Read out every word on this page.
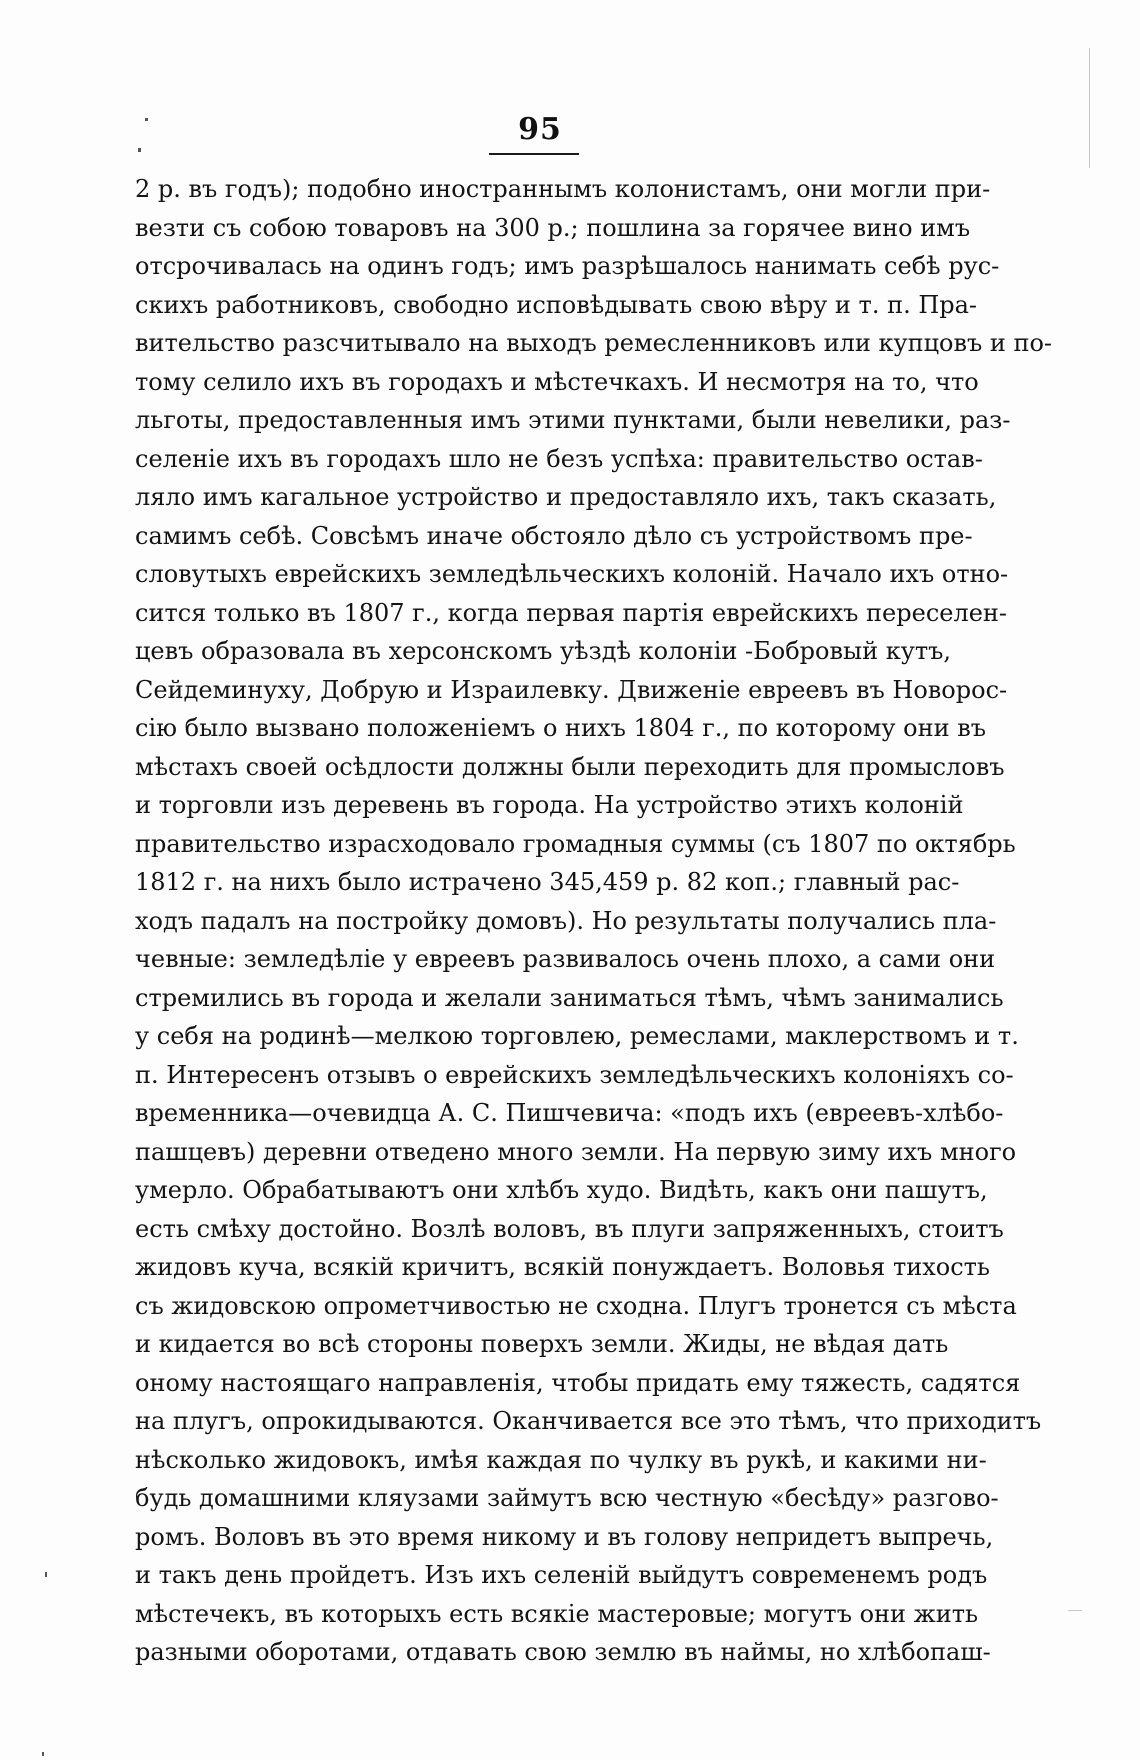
95
2 р. въ годъ); подобно иностраннымъ колонистамъ, они могли при-
везти съ собою товаровъ на 300 р.; пошлина за горячее вино имъ
отсрочивалась на одинъ годъ; имъ разрѣшалось нанимать себѣ рус-
скихъ работниковъ, свободно исповѣдывать свою вѣру и т. п. Пра-
вительство разсчитывало на выходъ ремесленниковъ или купцовъ и по-
тому селило ихъ въ городахъ и мѣстечкахъ. И несмотря на то, что
льготы, предоставленныя имъ этими пунктами, были невелики, раз-
селеніе ихъ въ городахъ шло не безъ успѣха: правительство остав-
ляло имъ кагальное устройство и предоставляло ихъ, такъ сказать,
самимъ себѣ. Совсѣмъ иначе обстояло дѣло съ устройствомъ пре-
словутыхъ еврейскихъ земледѣльческихъ колоній. Начало ихъ отно-
сится только въ 1807 г., когда первая партія еврейскихъ переселен-
цевъ образовала въ херсонскомъ уѣздѣ колоніи -Бобровый кутъ,
Сейдеминуху, Добрую и Израилевку. Движеніе евреевъ въ Новорос-
сію было вызвано положеніемъ о нихъ 1804 г., по которому они въ
мѣстахъ своей осѣдлости должны были переходить для промысловъ
и торговли изъ деревень въ города. На устройство этихъ колоній
правительство израсходовало громадныя суммы (съ 1807 по октябрь
1812 г. на нихъ было истрачено 345,459 р. 82 коп.; главный рас-
ходъ падалъ на постройку домовъ). Но результаты получались пла-
чевные: земледѣліе у евреевъ развивалось очень плохо, а сами они
стремились въ города и желали заниматься тѣмъ, чѣмъ занимались
у себя на родинѣ—мелкою торговлею, ремеслами, маклерствомъ и т.
п. Интересенъ отзывъ о еврейскихъ земледѣльческихъ колоніяхъ со-
временника—очевидца А. С. Пишчевича: «подъ ихъ (евреевъ-хлѣбо-
пашцевъ) деревни отведено много земли. На первую зиму ихъ много
умерло. Обрабатываютъ они хлѣбъ худо. Видѣть, какъ они пашутъ,
есть смѣху достойно. Возлѣ воловъ, въ плуги запряженныхъ, стоитъ
жидовъ куча, всякій кричитъ, всякій понуждаетъ. Воловья тихость
съ жидовскою опрометчивостью не сходна. Плугъ тронется съ мѣста
и кидается во всѣ стороны поверхъ земли. Жиды, не вѣдая дать
оному настоящаго направленія, чтобы придать ему тяжесть, садятся
на плугъ, опрокидываются. Оканчивается все это тѣмъ, что приходитъ
нѣсколько жидовокъ, имѣя каждая по чулку въ рукѣ, и какими ни-
будь домашними кляузами займутъ всю честную «бесѣду» разгово-
ромъ. Воловъ въ это время никому и въ голову непридетъ выпречь,
и такъ день пройдетъ. Изъ ихъ селеній выйдутъ современемъ родъ
мѣстечекъ, въ которыхъ есть всякіе мастеровые; могутъ они жить
разными оборотами, отдавать свою землю въ наймы, но хлѣбопаш-
